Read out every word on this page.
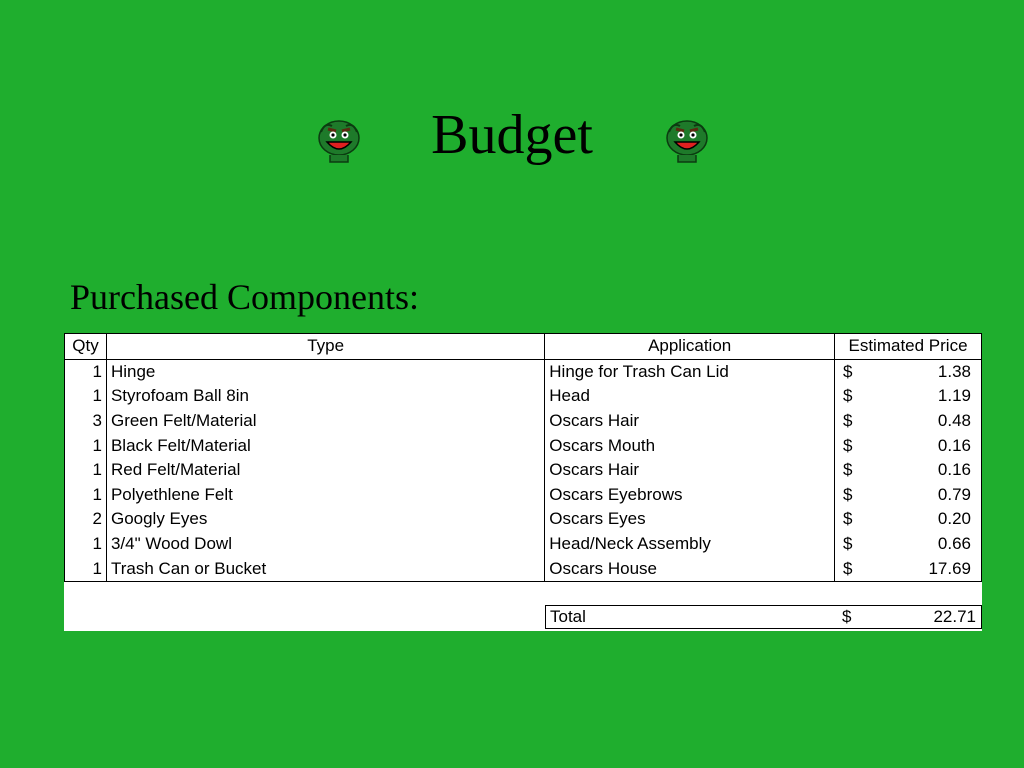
Budget
Purchased Components:
Qty	Type	Application	Estimated Price
1	Hinge	Hinge for Trash Can Lid	$ 1.38

1	Styrofoam Ball 8in	Head	$ 1.19

3	Green Felt/Material	Oscars Hair	$ 0.48

1	Black Felt/Material	Oscars Mouth	$ 0.16

1	Red Felt/Material	Oscars Hair	$ 0.16

1	Polyethlene Felt	Oscars Eyebrows	$ 0.79

2	Googly Eyes	Oscars Eyes	$ 0.20

1	3/4" Wood Dowl	Head/Neck Assembly	$ 0.66

1	Trash Can or Bucket	Oscars House	$ 17.69
Total	$	22.71
